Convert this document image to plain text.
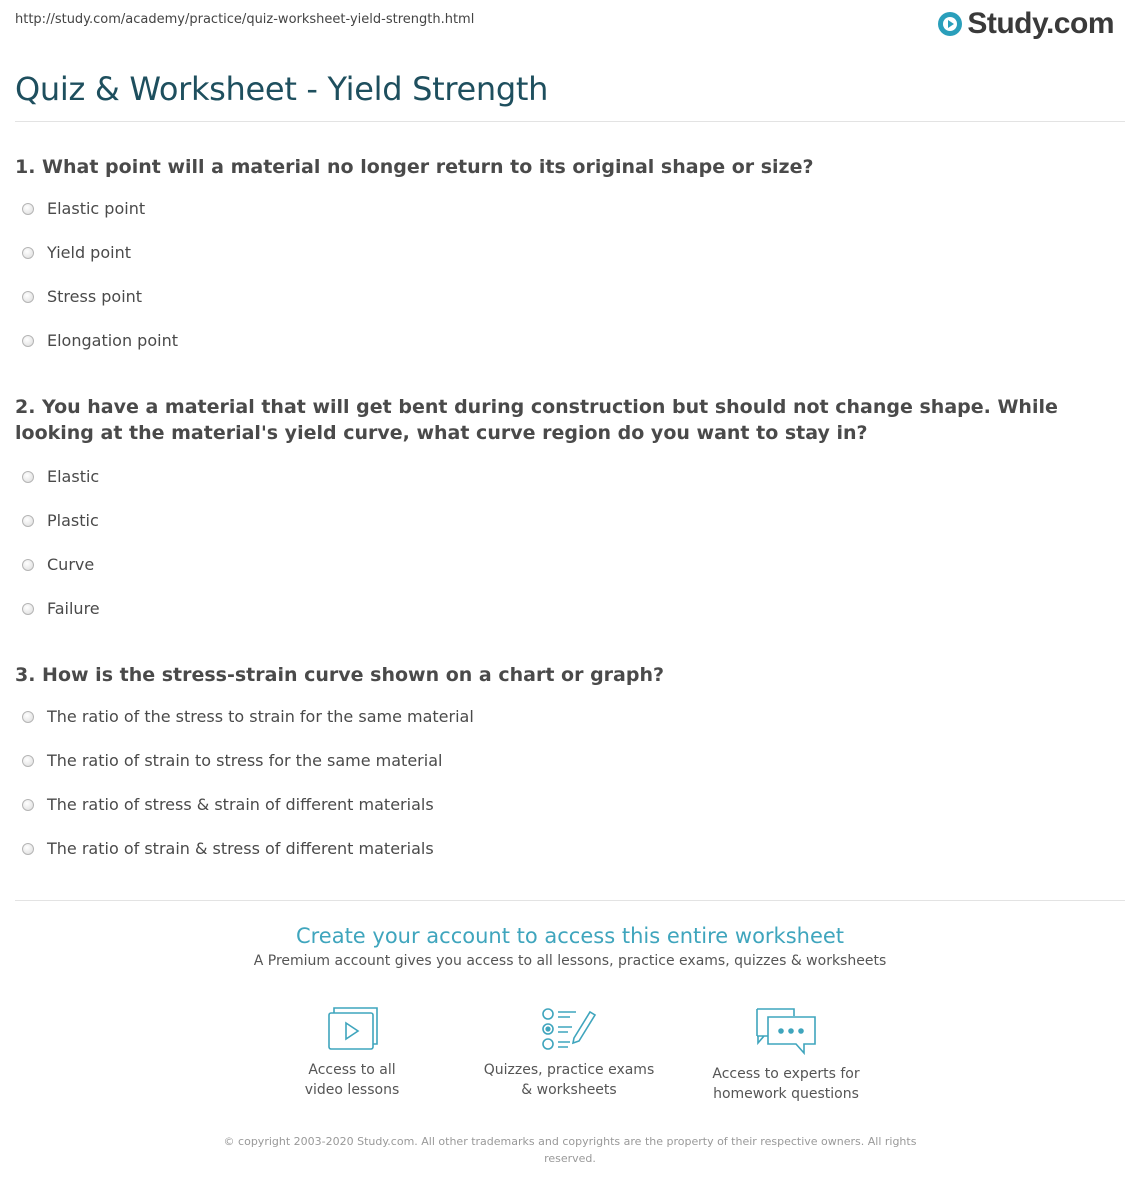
http://study.com/academy/practice/quiz-worksheet-yield-strength.html	Study.com
Quiz & Worksheet - Yield Strength
1. What point will a material no longer return to its original shape or size?
Elastic point
Yield point
Stress point
Elongation point
2. You have a material that will get bent during construction but should not change shape. While looking at the material's yield curve, what curve region do you want to stay in?
Elastic
Plastic
Curve
Failure
3. How is the stress-strain curve shown on a chart or graph?
The ratio of the stress to strain for the same material
The ratio of strain to stress for the same material
The ratio of stress & strain of different materials
The ratio of strain & stress of different materials
Create your account to access this entire worksheet
A Premium account gives you access to all lessons, practice exams, quizzes & worksheets
Access to all
video lessons
Quizzes, practice exams
& worksheets
Access to experts for
homework questions
© copyright 2003-2020 Study.com. All other trademarks and copyrights are the property of their respective owners. All rights reserved.
